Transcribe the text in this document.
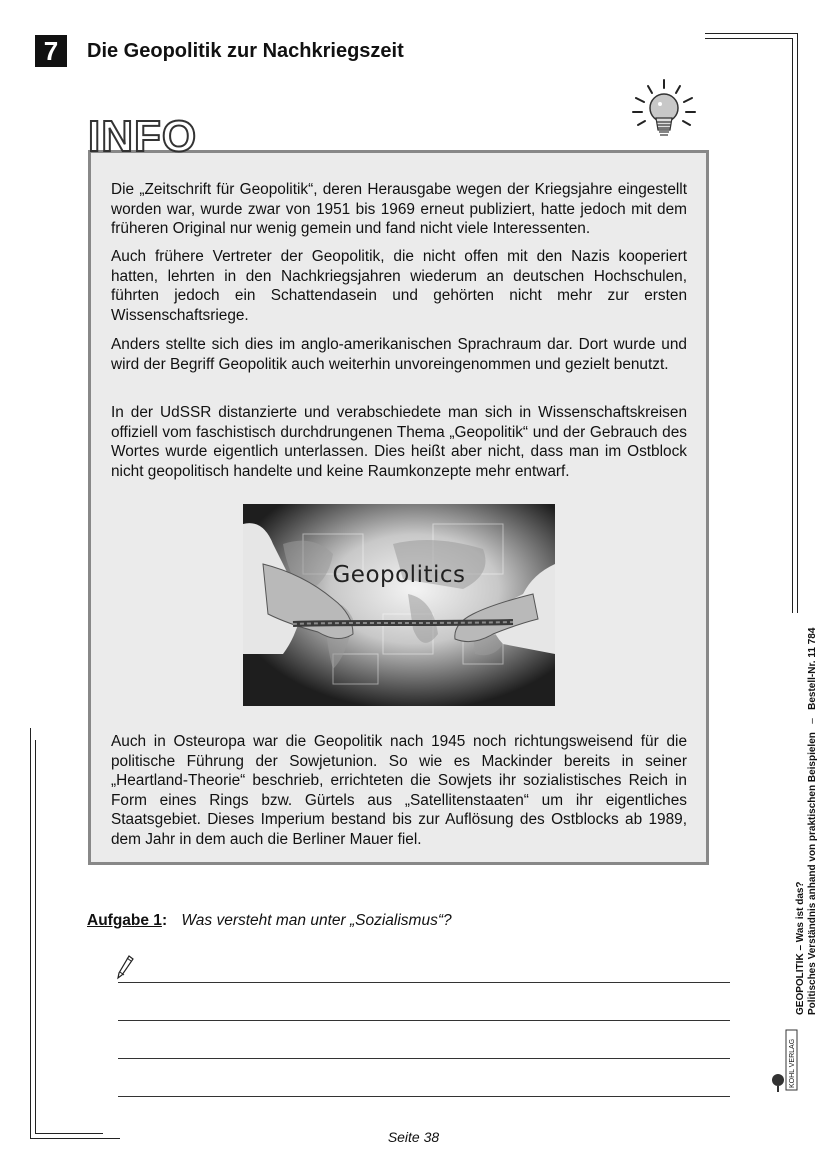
7	Die Geopolitik zur Nachkriegszeit
INFO

Die „Zeitschrift für Geopolitik“, deren Herausgabe wegen der Kriegsjahre eingestellt worden war, wurde zwar von 1951 bis 1969 erneut publiziert, hatte jedoch mit dem früheren Original nur wenig gemein und fand nicht viele Interessenten.

Auch frühere Vertreter der Geopolitik, die nicht offen mit den Nazis kooperiert hatten, lehrten in den Nachkriegsjahren wiederum an deutschen Hochschulen, führten jedoch ein Schattendasein und gehörten nicht mehr zur ersten Wissenschaftsriege.

Anders stellte sich dies im anglo-amerikanischen Sprachraum dar. Dort wurde und wird der Begriff Geopolitik auch weiterhin unvoreingenommen und gezielt benutzt.

In der UdSSR distanzierte und verabschiedete man sich in Wissenschaftskreisen offiziell vom faschistisch durchdrungenen Thema „Geopolitik“ und der Gebrauch des Wortes wurde eigentlich unterlassen. Dies heißt aber nicht, dass man im Ostblock nicht geopolitisch handelte und keine Raumkonzepte mehr entwarf.

Geopolitics

Auch in Osteuropa war die Geopolitik nach 1945 noch richtungsweisend für die politische Führung der Sowjetunion. So wie es Mackinder bereits in seiner „Heartland-Theorie“ beschrieb, errichteten die Sowjets ihr sozialistisches Reich in Form eines Rings bzw. Gürtels aus „Satellitenstaaten“ um ihr eigentliches Staatsgebiet. Dieses Imperium bestand bis zur Auflösung des Ostblocks ab 1989, dem Jahr in dem auch die Berliner Mauer fiel.

Aufgabe 1: Was versteht man unter „Sozialismus“?
Seite 38
GEOPOLITIK – Was ist das? Politisches Verständnis anhand von praktischen Beispielen   –   Bestell-Nr. 11 784
KOHL VERLAG
